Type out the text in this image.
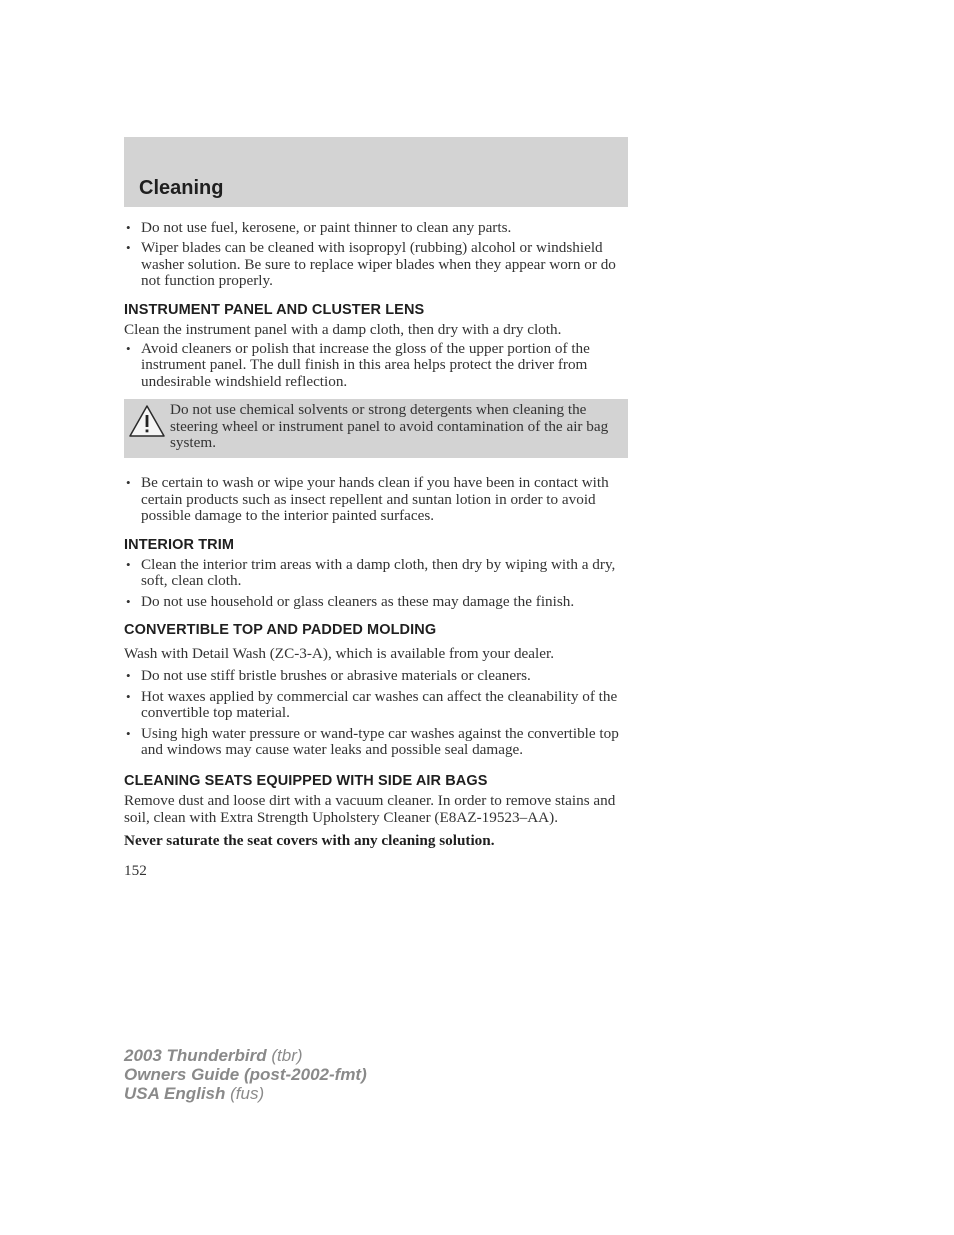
Cleaning
• Do not use fuel, kerosene, or paint thinner to clean any parts.
• Wiper blades can be cleaned with isopropyl (rubbing) alcohol or windshield washer solution. Be sure to replace wiper blades when they appear worn or do not function properly.
INSTRUMENT PANEL AND CLUSTER LENS

Clean the instrument panel with a damp cloth, then dry with a dry cloth.

• Avoid cleaners or polish that increase the gloss of the upper portion of the instrument panel. The dull finish in this area helps protect the driver from undesirable windshield reflection.
Do not use chemical solvents or strong detergents when cleaning the steering wheel or instrument panel to avoid contamination of the air bag system.
• Be certain to wash or wipe your hands clean if you have been in contact with certain products such as insect repellent and suntan lotion in order to avoid possible damage to the interior painted surfaces.
INTERIOR TRIM
• Clean the interior trim areas with a damp cloth, then dry by wiping with a dry, soft, clean cloth.
• Do not use household or glass cleaners as these may damage the finish.
CONVERTIBLE TOP AND PADDED MOLDING

Wash with Detail Wash (ZC-3-A), which is available from your dealer.

• Do not use stiff bristle brushes or abrasive materials or cleaners.
• Hot waxes applied by commercial car washes can affect the cleanability of the convertible top material.
• Using high water pressure or wand-type car washes against the convertible top and windows may cause water leaks and possible seal damage.
CLEANING SEATS EQUIPPED WITH SIDE AIR BAGS

Remove dust and loose dirt with a vacuum cleaner. In order to remove stains and soil, clean with Extra Strength Upholstery Cleaner (E8AZ-19523–AA).

Never saturate the seat covers with any cleaning solution.

152

2003 Thunderbird (tbr)
Owners Guide (post-2002-fmt)
USA English (fus)
